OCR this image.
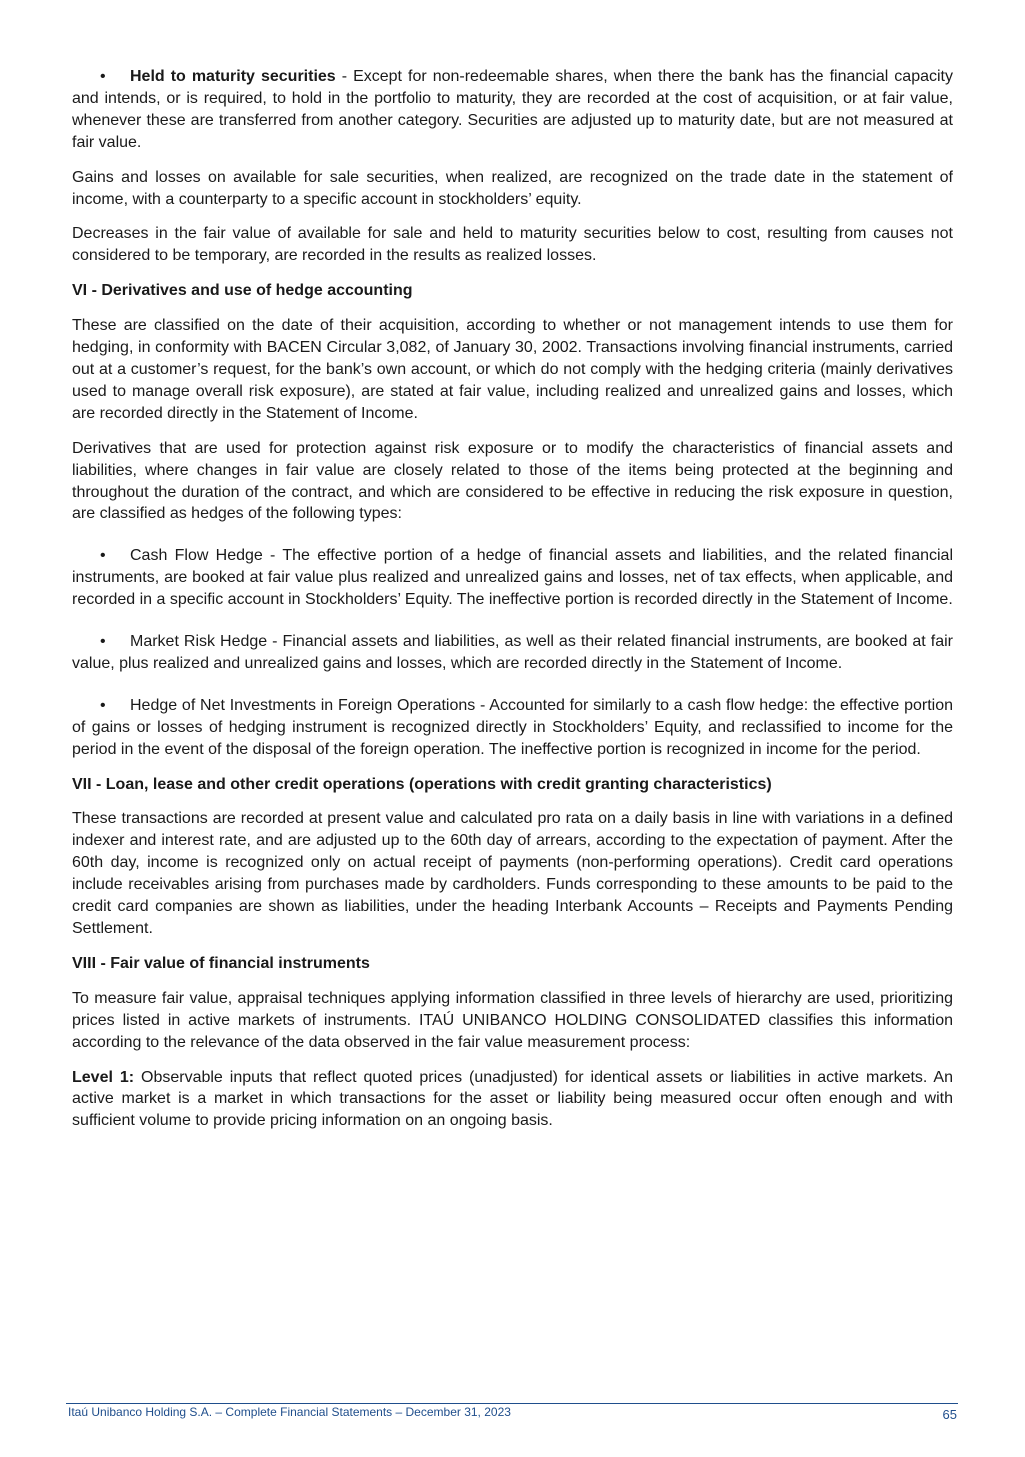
• Held to maturity securities - Except for non-redeemable shares, when there the bank has the financial capacity and intends, or is required, to hold in the portfolio to maturity, they are recorded at the cost of acquisition, or at fair value, whenever these are transferred from another category. Securities are adjusted up to maturity date, but are not measured at fair value.

Gains and losses on available for sale securities, when realized, are recognized on the trade date in the statement of income, with a counterparty to a specific account in stockholders’ equity.

Decreases in the fair value of available for sale and held to maturity securities below to cost, resulting from causes not considered to be temporary, are recorded in the results as realized losses.

VI - Derivatives and use of hedge accounting

These are classified on the date of their acquisition, according to whether or not management intends to use them for hedging, in conformity with BACEN Circular 3,082, of January 30, 2002. Transactions involving financial instruments, carried out at a customer’s request, for the bank’s own account, or which do not comply with the hedging criteria (mainly derivatives used to manage overall risk exposure), are stated at fair value, including realized and unrealized gains and losses, which are recorded directly in the Statement of Income.

Derivatives that are used for protection against risk exposure or to modify the characteristics of financial assets and liabilities, where changes in fair value are closely related to those of the items being protected at the beginning and throughout the duration of the contract, and which are considered to be effective in reducing the risk exposure in question, are classified as hedges of the following types:

• Cash Flow Hedge - The effective portion of a hedge of financial assets and liabilities, and the related financial instruments, are booked at fair value plus realized and unrealized gains and losses, net of tax effects, when applicable, and recorded in a specific account in Stockholders’ Equity. The ineffective portion is recorded directly in the Statement of Income.

• Market Risk Hedge - Financial assets and liabilities, as well as their related financial instruments, are booked at fair value, plus realized and unrealized gains and losses, which are recorded directly in the Statement of Income.

• Hedge of Net Investments in Foreign Operations - Accounted for similarly to a cash flow hedge: the effective portion of gains or losses of hedging instrument is recognized directly in Stockholders’ Equity, and reclassified to income for the period in the event of the disposal of the foreign operation. The ineffective portion is recognized in income for the period.

VII - Loan, lease and other credit operations (operations with credit granting characteristics)

These transactions are recorded at present value and calculated pro rata on a daily basis in line with variations in a defined indexer and interest rate, and are adjusted up to the 60th day of arrears, according to the expectation of payment. After the 60th day, income is recognized only on actual receipt of payments (non-performing operations). Credit card operations include receivables arising from purchases made by cardholders. Funds corresponding to these amounts to be paid to the credit card companies are shown as liabilities, under the heading Interbank Accounts – Receipts and Payments Pending Settlement.

VIII - Fair value of financial instruments

To measure fair value, appraisal techniques applying information classified in three levels of hierarchy are used, prioritizing prices listed in active markets of instruments. ITAÚ UNIBANCO HOLDING CONSOLIDATED classifies this information according to the relevance of the data observed in the fair value measurement process:

Level 1: Observable inputs that reflect quoted prices (unadjusted) for identical assets or liabilities in active markets. An active market is a market in which transactions for the asset or liability being measured occur often enough and with sufficient volume to provide pricing information on an ongoing basis.

Itaú Unibanco Holding S.A. – Complete Financial Statements – December 31, 2023	65
